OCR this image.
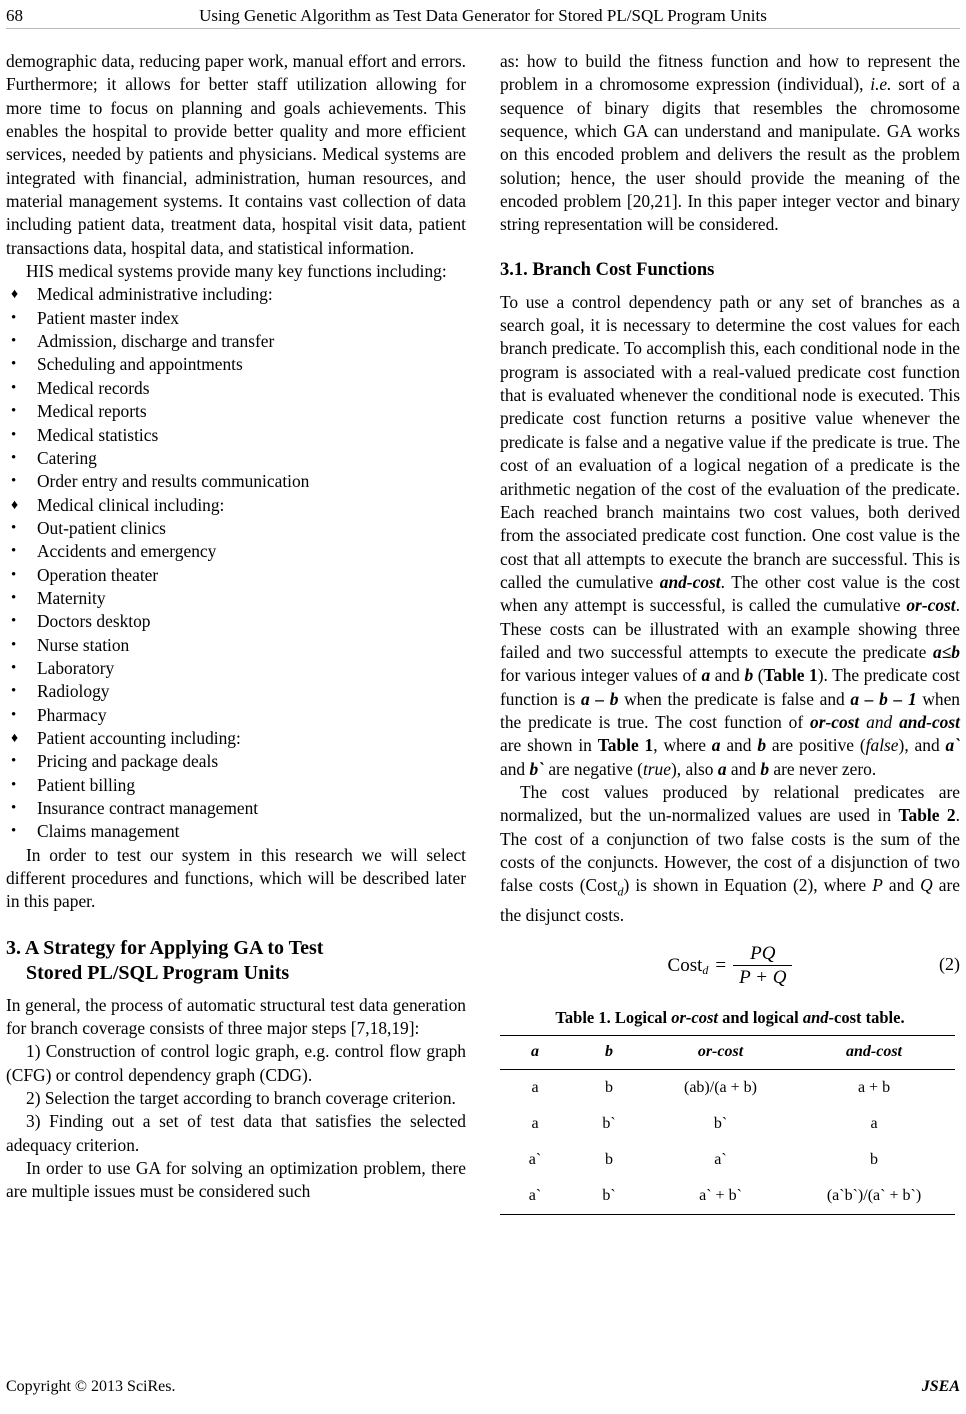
68	Using Genetic Algorithm as Test Data Generator for Stored PL/SQL Program Units

demographic data, reducing paper work, manual effort and errors. Furthermore; it allows for better staff utilization allowing for more time to focus on planning and goals achievements. This enables the hospital to provide better quality and more efficient services, needed by patients and physicians. Medical systems are integrated with financial, administration, human resources, and material management systems. It contains vast collection of data including patient data, treatment data, hospital visit data, patient transactions data, hospital data, and statistical information.

HIS medical systems provide many key functions including:

♦	Medical administrative including:
•	Patient master index
•	Admission, discharge and transfer
•	Scheduling and appointments
•	Medical records
•	Medical reports
•	Medical statistics
•	Catering
•	Order entry and results communication
♦	Medical clinical including:
•	Out-patient clinics
•	Accidents and emergency
•	Operation theater
•	Maternity
•	Doctors desktop
•	Nurse station
•	Laboratory
•	Radiology
•	Pharmacy
♦	Patient accounting including:
•	Pricing and package deals
•	Patient billing
•	Insurance contract management
•	Claims management

In order to test our system in this research we will select different procedures and functions, which will be described later in this paper.

3. A Strategy for Applying GA to Test
Stored PL/SQL Program Units

In general, the process of automatic structural test data generation for branch coverage consists of three major steps [7,18,19]:

1) Construction of control logic graph, e.g. control flow graph (CFG) or control dependency graph (CDG).

2) Selection the target according to branch coverage criterion.

3) Finding out a set of test data that satisfies the selected adequacy criterion.

In order to use GA for solving an optimization problem, there are multiple issues must be considered such

as: how to build the fitness function and how to represent the problem in a chromosome expression (individual), i.e. sort of a sequence of binary digits that resembles the chromosome sequence, which GA can understand and manipulate. GA works on this encoded problem and delivers the result as the problem solution; hence, the user should provide the meaning of the encoded problem [20,21]. In this paper integer vector and binary string representation will be considered.

3.1. Branch Cost Functions

To use a control dependency path or any set of branches as a search goal, it is necessary to determine the cost values for each branch predicate. To accomplish this, each conditional node in the program is associated with a real-valued predicate cost function that is evaluated whenever the conditional node is executed. This predicate cost function returns a positive value whenever the predicate is false and a negative value if the predicate is true. The cost of an evaluation of a logical negation of a predicate is the arithmetic negation of the cost of the evaluation of the predicate. Each reached branch maintains two cost values, both derived from the associated predicate cost function. One cost value is the cost that all attempts to execute the branch are successful. This is called the cumulative and-cost. The other cost value is the cost when any attempt is successful, is called the cumulative or-cost. These costs can be illustrated with an example showing three failed and two successful attempts to execute the predicate a≤b for various integer values of a and b (Table 1). The predicate cost function is a – b when the predicate is false and a – b – 1 when the predicate is true. The cost function of or-cost and and-cost are shown in Table 1, where a and b are positive (false), and a` and b` are negative (true), also a and b are never zero.

The cost values produced by relational predicates are normalized, but the un-normalized values are used in Table 2. The cost of a conjunction of two false costs is the sum of the costs of the conjuncts. However, the cost of a disjunction of two false costs (Cost$_d$) is shown in Equation (2), where P and Q are the disjunct costs.

Cost $d = \frac{PQ}{P + Q}$	(2)
Table 1. Logical or-cost and logical and-cost table.
a	b	or-cost	and-cost
a	b	(ab)/(a + b)	a + b
a	b`	b`	a
a`	b	a`	b
a`	b`	a` + b`	(a`b`)/(a` + b`)
Copyright © 2013 SciRes.	JSEA
